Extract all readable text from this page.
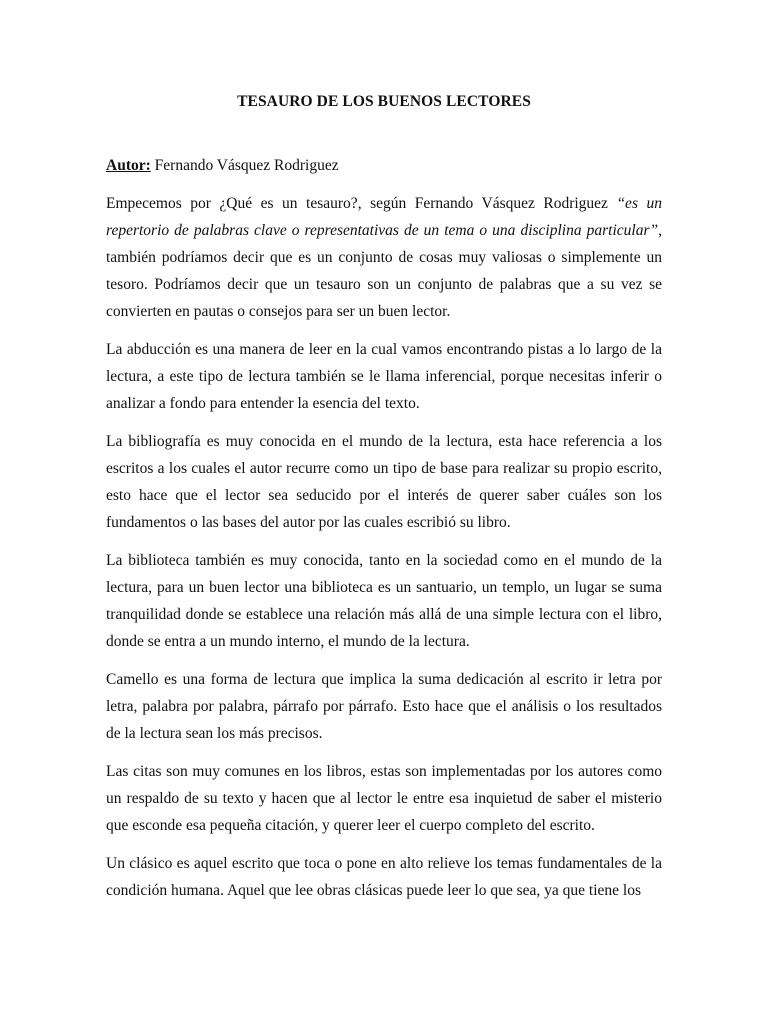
TESAURO DE LOS BUENOS LECTORES
Autor: Fernando Vásquez Rodriguez

Empecemos por ¿Qué es un tesauro?, según Fernando Vásquez Rodriguez “es un repertorio de palabras clave o representativas de un tema o una disciplina particular”, también podríamos decir que es un conjunto de cosas muy valiosas o simplemente un tesoro. Podríamos decir que un tesauro son un conjunto de palabras que a su vez se convierten en pautas o consejos para ser un buen lector.

La abducción es una manera de leer en la cual vamos encontrando pistas a lo largo de la lectura, a este tipo de lectura también se le llama inferencial, porque necesitas inferir o analizar a fondo para entender la esencia del texto.

La bibliografía es muy conocida en el mundo de la lectura, esta hace referencia a los escritos a los cuales el autor recurre como un tipo de base para realizar su propio escrito, esto hace que el lector sea seducido por el interés de querer saber cuáles son los fundamentos o las bases del autor por las cuales escribió su libro.

La biblioteca también es muy conocida, tanto en la sociedad como en el mundo de la lectura, para un buen lector una biblioteca es un santuario, un templo, un lugar se suma tranquilidad donde se establece una relación más allá de una simple lectura con el libro, donde se entra a un mundo interno, el mundo de la lectura.

Camello es una forma de lectura que implica la suma dedicación al escrito ir letra por letra, palabra por palabra, párrafo por párrafo. Esto hace que el análisis o los resultados de la lectura sean los más precisos.

Las citas son muy comunes en los libros, estas son implementadas por los autores como un respaldo de su texto y hacen que al lector le entre esa inquietud de saber el misterio que esconde esa pequeña citación, y querer leer el cuerpo completo del escrito.

Un clásico es aquel escrito que toca o pone en alto relieve los temas fundamentales de la condición humana. Aquel que lee obras clásicas puede leer lo que sea, ya que tiene los
